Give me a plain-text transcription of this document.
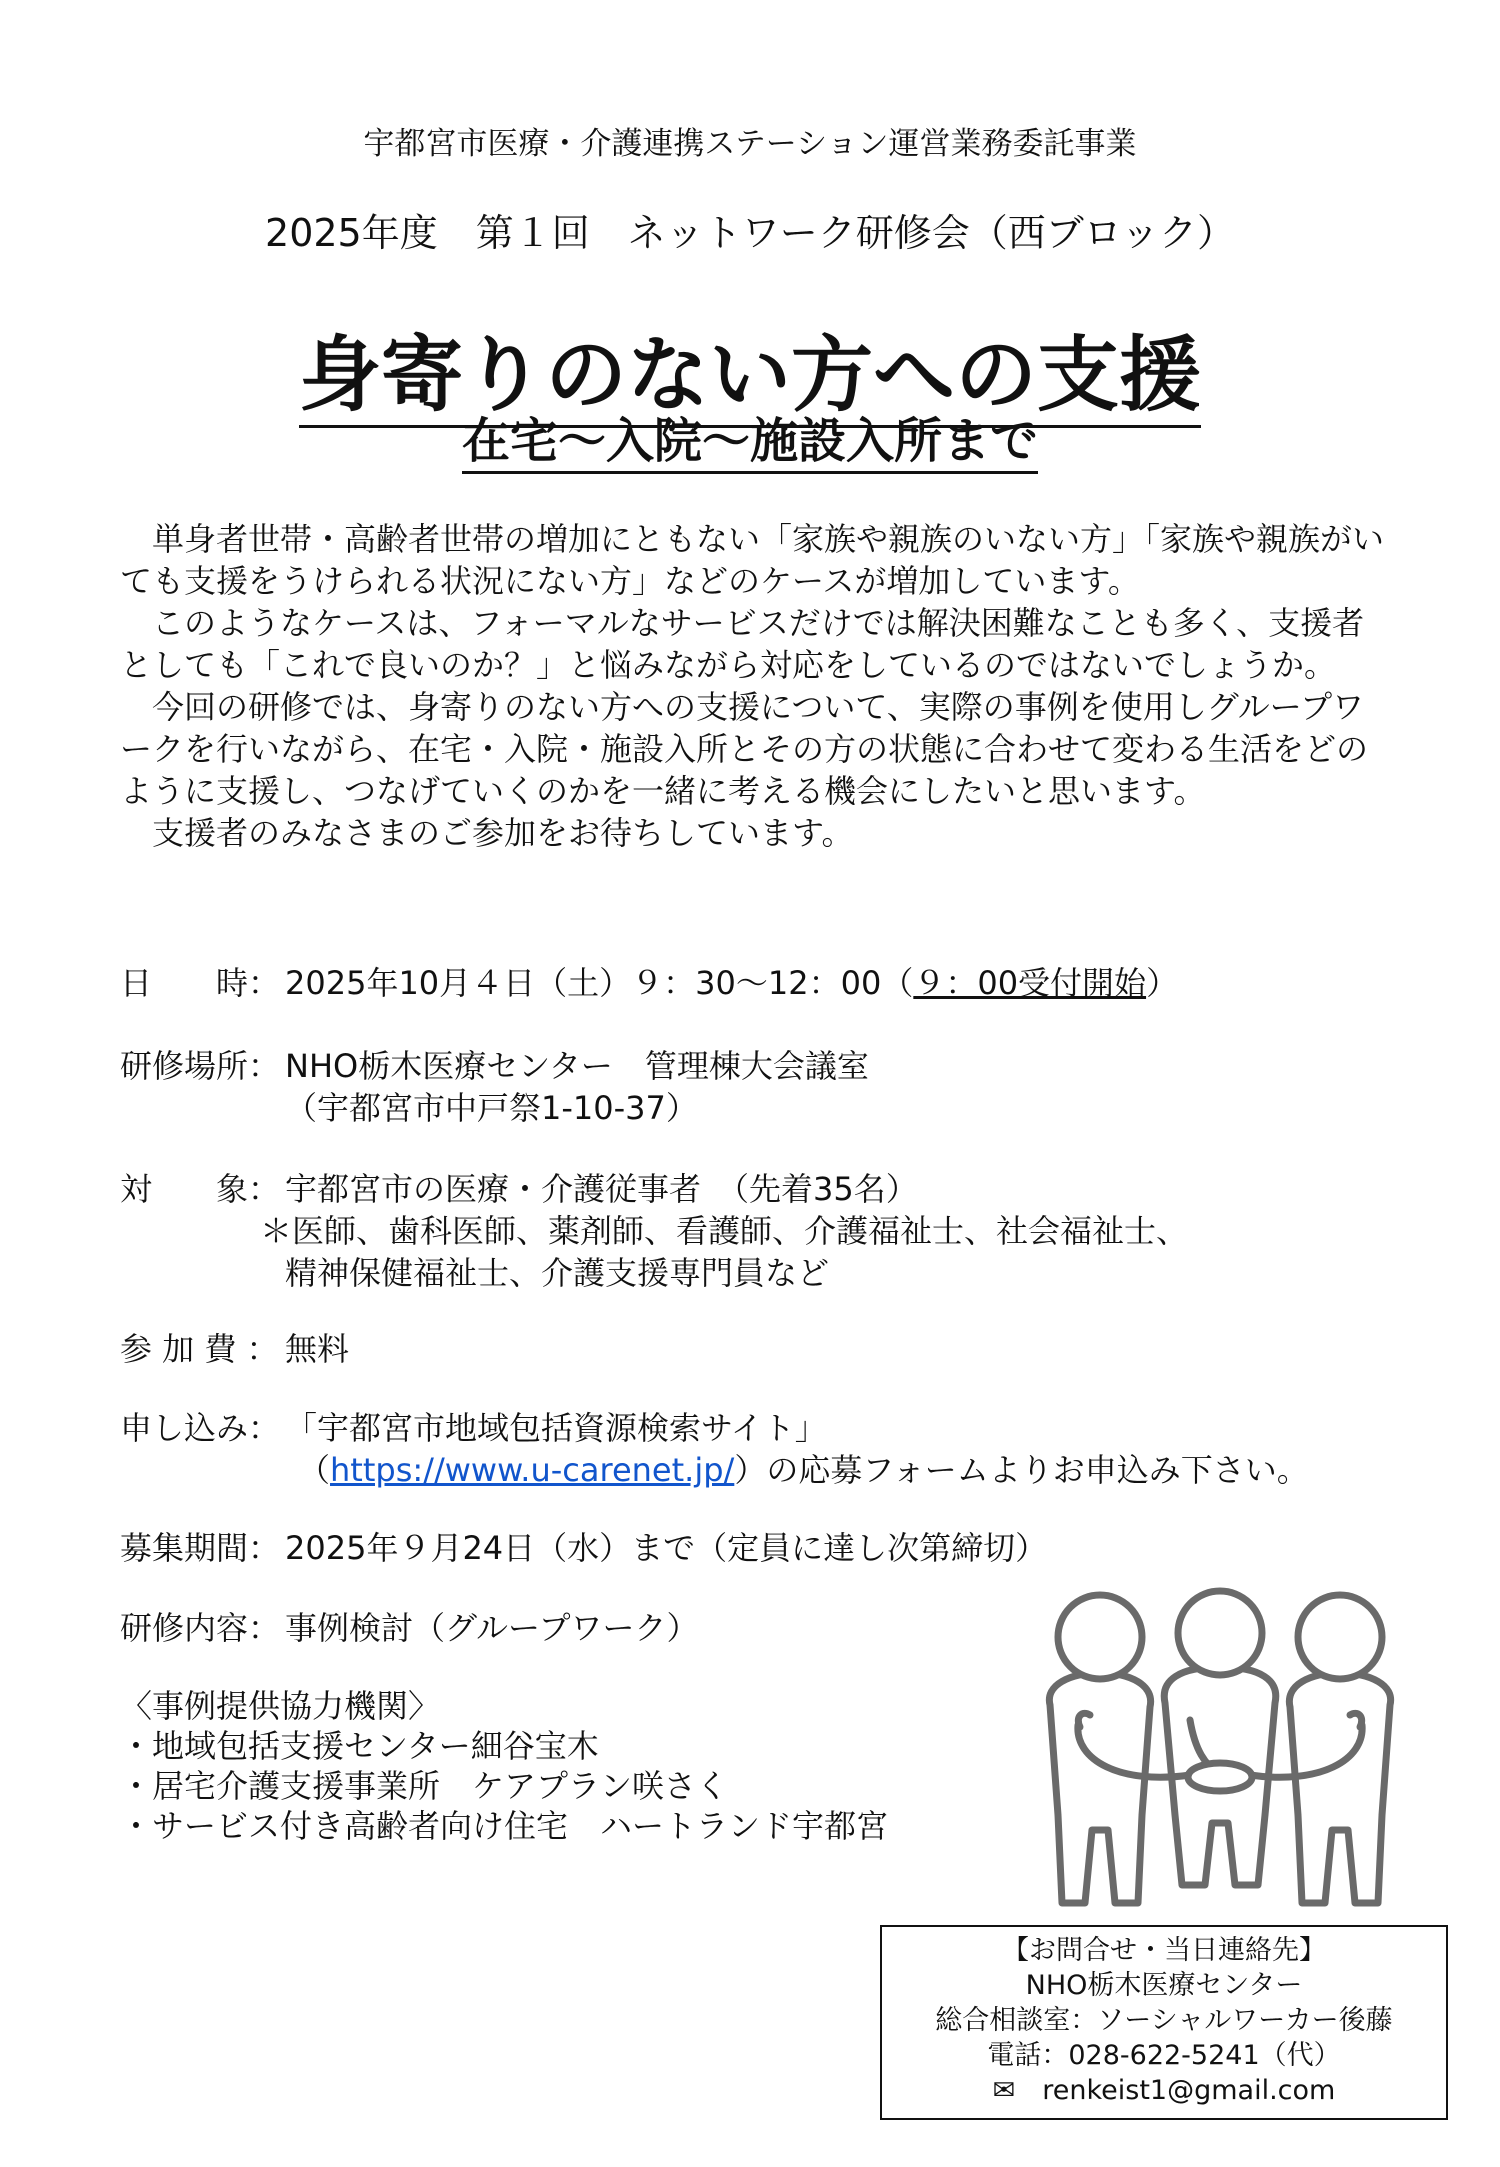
宇都宮市医療・介護連携ステーション運営業務委託事業
2025年度　第１回　ネットワーク研修会（西ブロック）
身寄りのない方への支援
在宅～入院～施設入所まで

　単身者世帯・高齢者世帯の増加にともない「家族や親族のいない方」「家族や親族がいても支援をうけられる状況にない方」などのケースが増加しています。

　このようなケースは、フォーマルなサービスだけでは解決困難なことも多く、支援者としても「これで良いのか？」と悩みながら対応をしているのではないでしょうか。

　今回の研修では、身寄りのない方への支援について、実際の事例を使用しグループワークを行いながら、在宅・入院・施設入所とその方の状態に合わせて変わる生活をどのように支援し、つなげていくのかを一緒に考える機会にしたいと思います。

　支援者のみなさまのご参加をお待ちしています。

日　　時： 2025年10月４日（土）９：30～12：00（９：00受付開始）
研修場所： NHO栃木医療センター　管理棟大会議室
（宇都宮市中戸祭1-10-37）
対　　象： 宇都宮市の医療・介護従事者　（先着35名）
＊医師、歯科医師、薬剤師、看護師、介護福祉士、社会福祉士、
精神保健福祉士、介護支援専門員など
参 加 費 ： 無料
申し込み： 「宇都宮市地域包括資源検索サイト」
（https://www.u-carenet.jp/）の応募フォームよりお申込み下さい。
募集期間： 2025年９月24日（水）まで（定員に達し次第締切）
研修内容： 事例検討（グループワーク）
〈事例提供協力機関〉
・地域包括支援センター細谷宝木
・居宅介護支援事業所　ケアプラン咲さく
・サービス付き高齢者向け住宅　ハートランド宇都宮
【お問合せ・当日連絡先】
NHO栃木医療センター
総合相談室：ソーシャルワーカー後藤
電話：028-622-5241（代）
✉　 renkeist1@gmail.com
